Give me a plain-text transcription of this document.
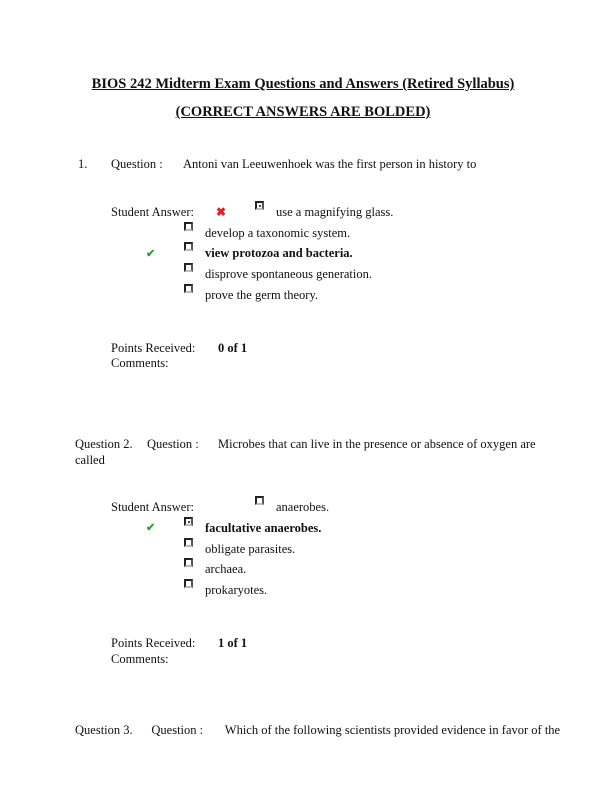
BIOS 242 Midterm Exam Questions and Answers (Retired Syllabus)
(CORRECT ANSWERS ARE BOLDED)
1. Question : Antoni van Leeuwenhoek was the first person in history to
Student Answer: ✖	use a magnifying glass.
develop a taxonomic system.
✔	view protozoa and bacteria.
disprove spontaneous generation.
prove the germ theory.
Points Received: 0 of 1
Comments:
Question 2. Question : Microbes that can live in the presence or absence of oxygen are
called
Student Answer:	anaerobes.
✔	facultative anaerobes.
obligate parasites.
archaea.
prokaryotes.
Points Received: 1 of 1
Comments:
Question 3.      Question :       Which of the following scientists provided evidence in favor of the
